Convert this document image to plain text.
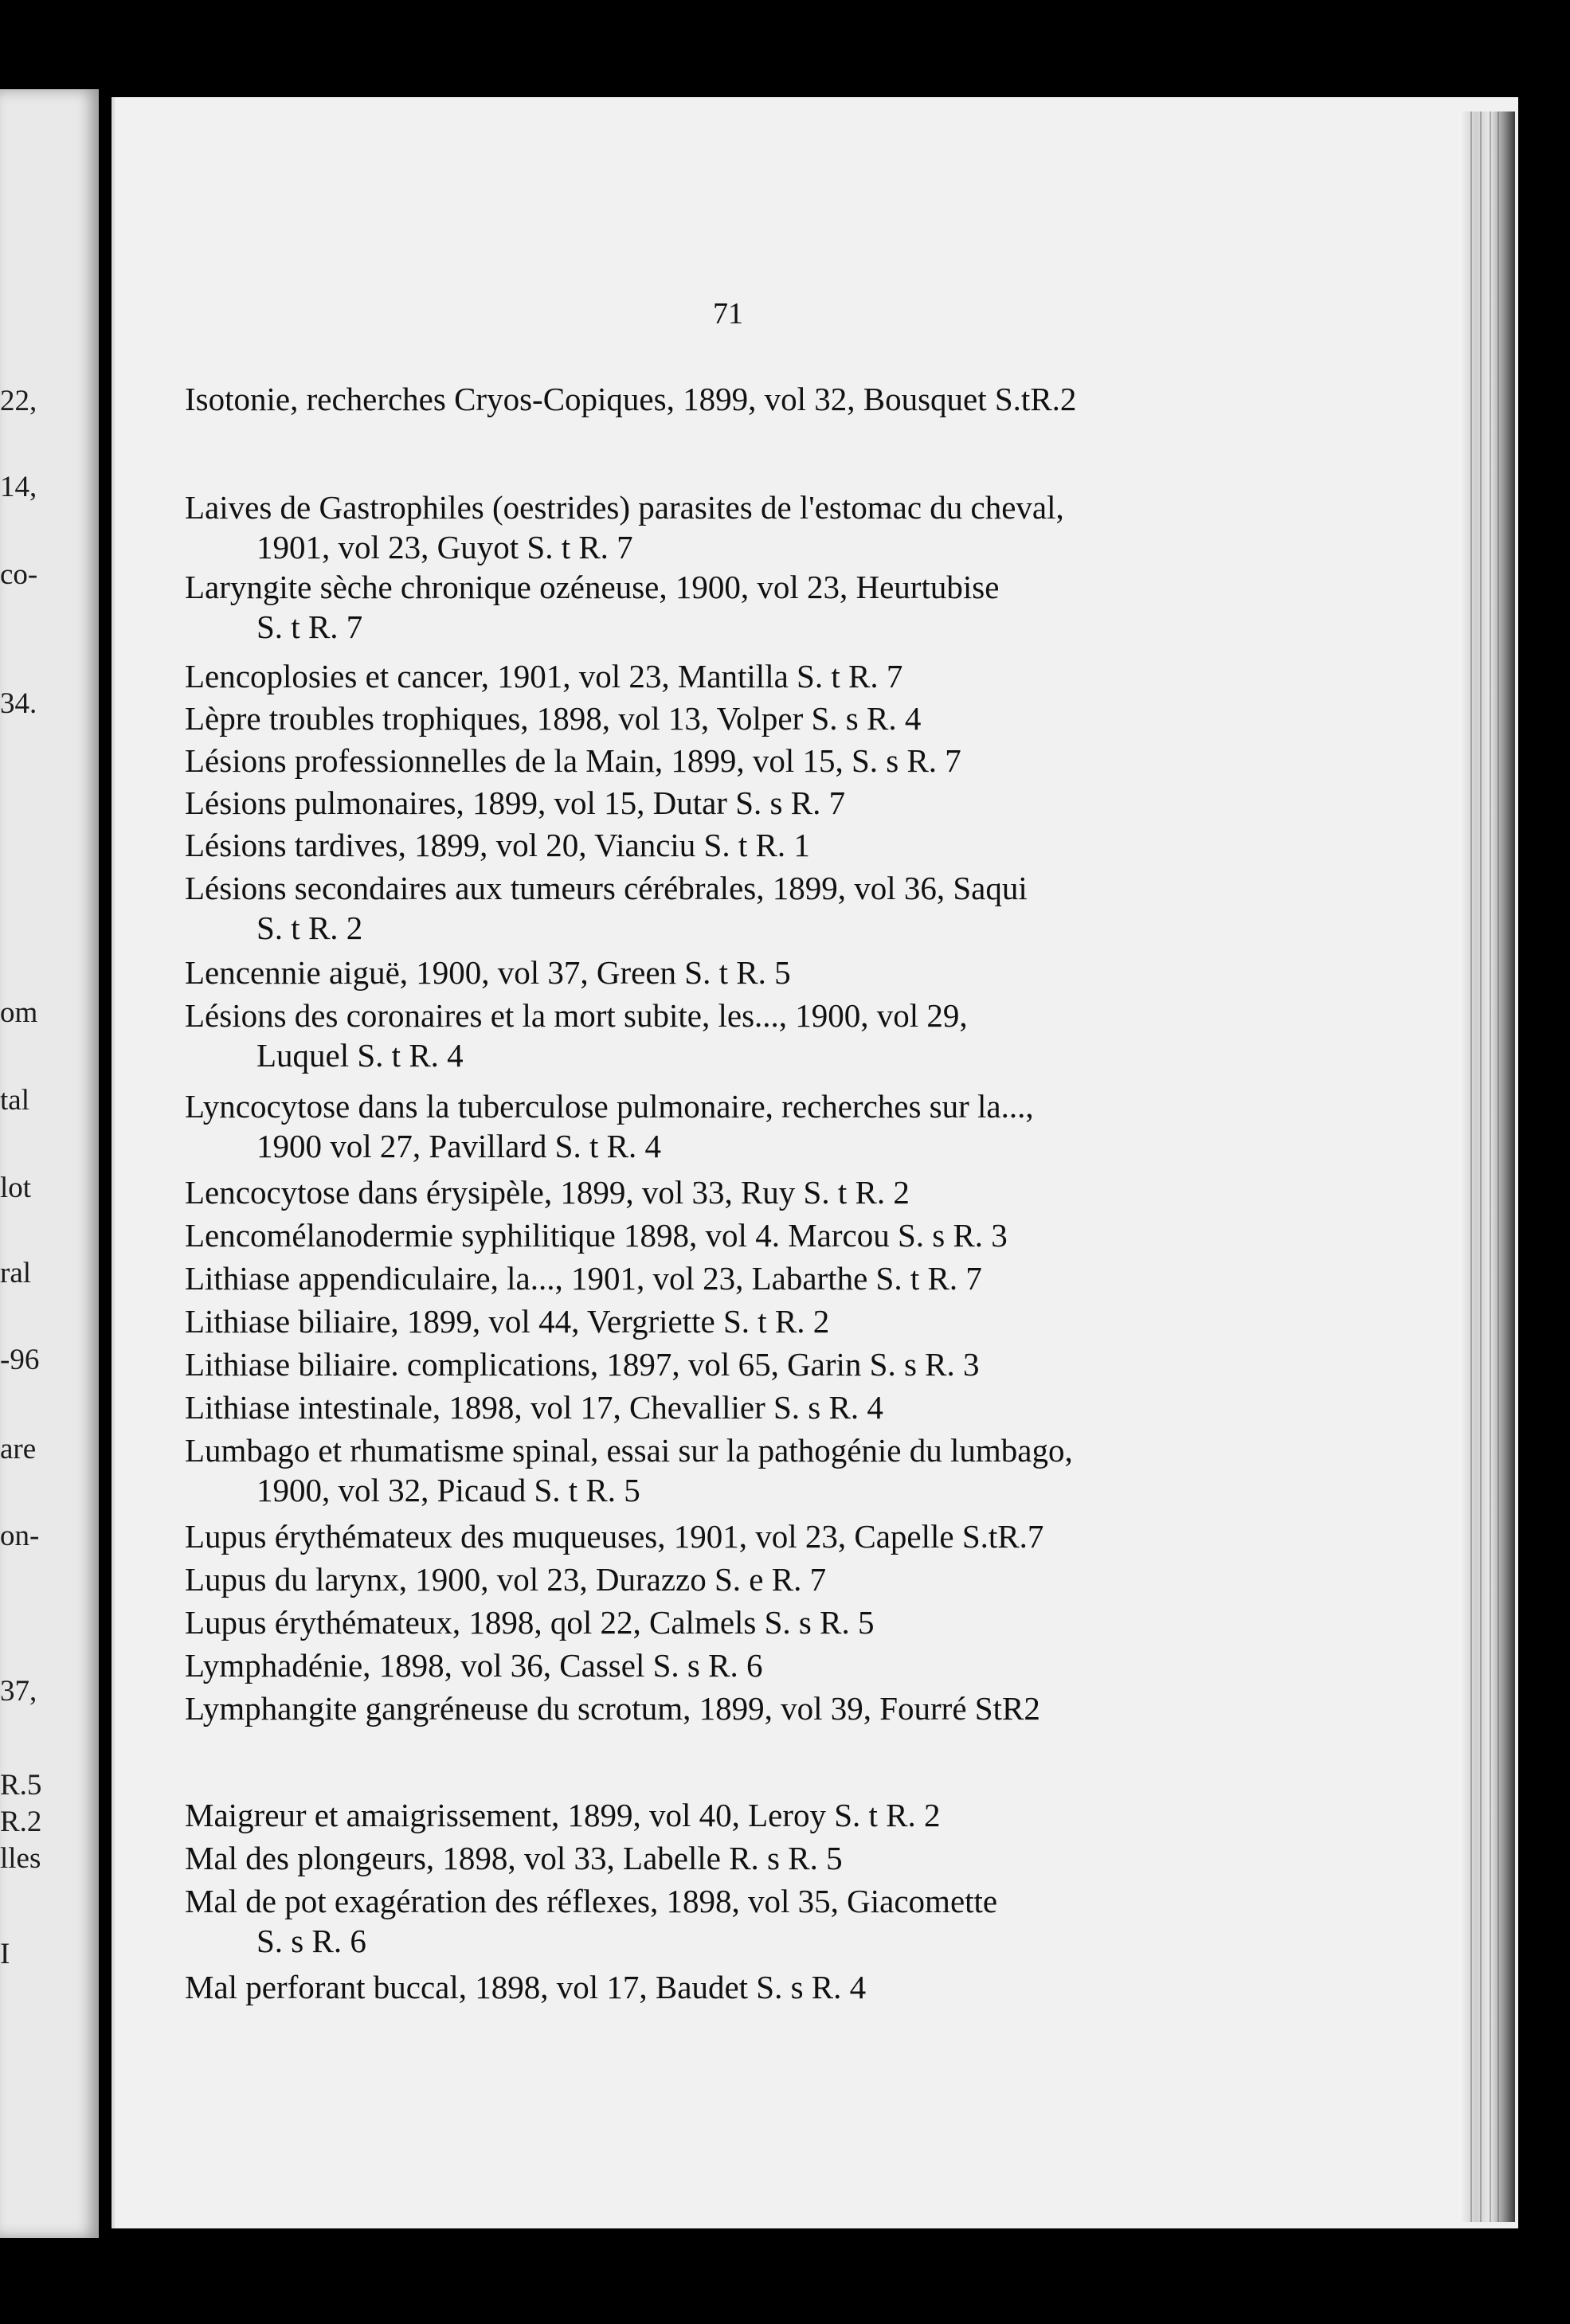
22,
14,
co-
34.
om
tal
lot
ral
-96
are
on-
37,
R.5
R.2
lles
I
71
Isotonie, recherches Cryos-Copiques, 1899, vol 32, Bousquet S.tR.2
Laives de Gastrophiles (oestrides) parasites de l'estomac du cheval,
1901, vol 23, Guyot S. t R. 7
Laryngite sèche chronique ozéneuse, 1900, vol 23, Heurtubise
S. t R. 7
Lencoplosies et cancer, 1901, vol 23, Mantilla S. t R. 7
Lèpre troubles trophiques, 1898, vol 13, Volper S. s R. 4
Lésions professionnelles de la Main, 1899, vol 15, S. s R. 7
Lésions pulmonaires, 1899, vol 15, Dutar S. s R. 7
Lésions tardives, 1899, vol 20, Vianciu S. t R. 1
Lésions secondaires aux tumeurs cérébrales, 1899, vol 36, Saqui
S. t R. 2
Lencennie aiguë, 1900, vol 37, Green S. t R. 5
Lésions des coronaires et la mort subite, les..., 1900, vol 29,
Luquel S. t R. 4
Lyncocytose dans la tuberculose pulmonaire, recherches sur la...,
1900 vol 27, Pavillard S. t R. 4
Lencocytose dans érysipèle, 1899, vol 33, Ruy S. t R. 2
Lencomélanodermie syphilitique 1898, vol 4. Marcou S. s R. 3
Lithiase appendiculaire, la..., 1901, vol 23, Labarthe S. t R. 7
Lithiase biliaire, 1899, vol 44, Vergriette S. t R. 2
Lithiase biliaire. complications, 1897, vol 65, Garin S. s R. 3
Lithiase intestinale, 1898, vol 17, Chevallier S. s R. 4
Lumbago et rhumatisme spinal, essai sur la pathogénie du lumbago,
1900, vol 32, Picaud S. t R. 5
Lupus érythémateux des muqueuses, 1901, vol 23, Capelle S.tR.7
Lupus du larynx, 1900, vol 23, Durazzo S. e R. 7
Lupus érythémateux, 1898, qol 22, Calmels S. s R. 5
Lymphadénie, 1898, vol 36, Cassel S. s R. 6
Lymphangite gangréneuse du scrotum, 1899, vol 39, Fourré StR2
Maigreur et amaigrissement, 1899, vol 40, Leroy S. t R. 2
Mal des plongeurs, 1898, vol 33, Labelle R. s R. 5
Mal de pot exagération des réflexes, 1898, vol 35, Giacomette
S. s R. 6
Mal perforant buccal, 1898, vol 17, Baudet S. s R. 4
